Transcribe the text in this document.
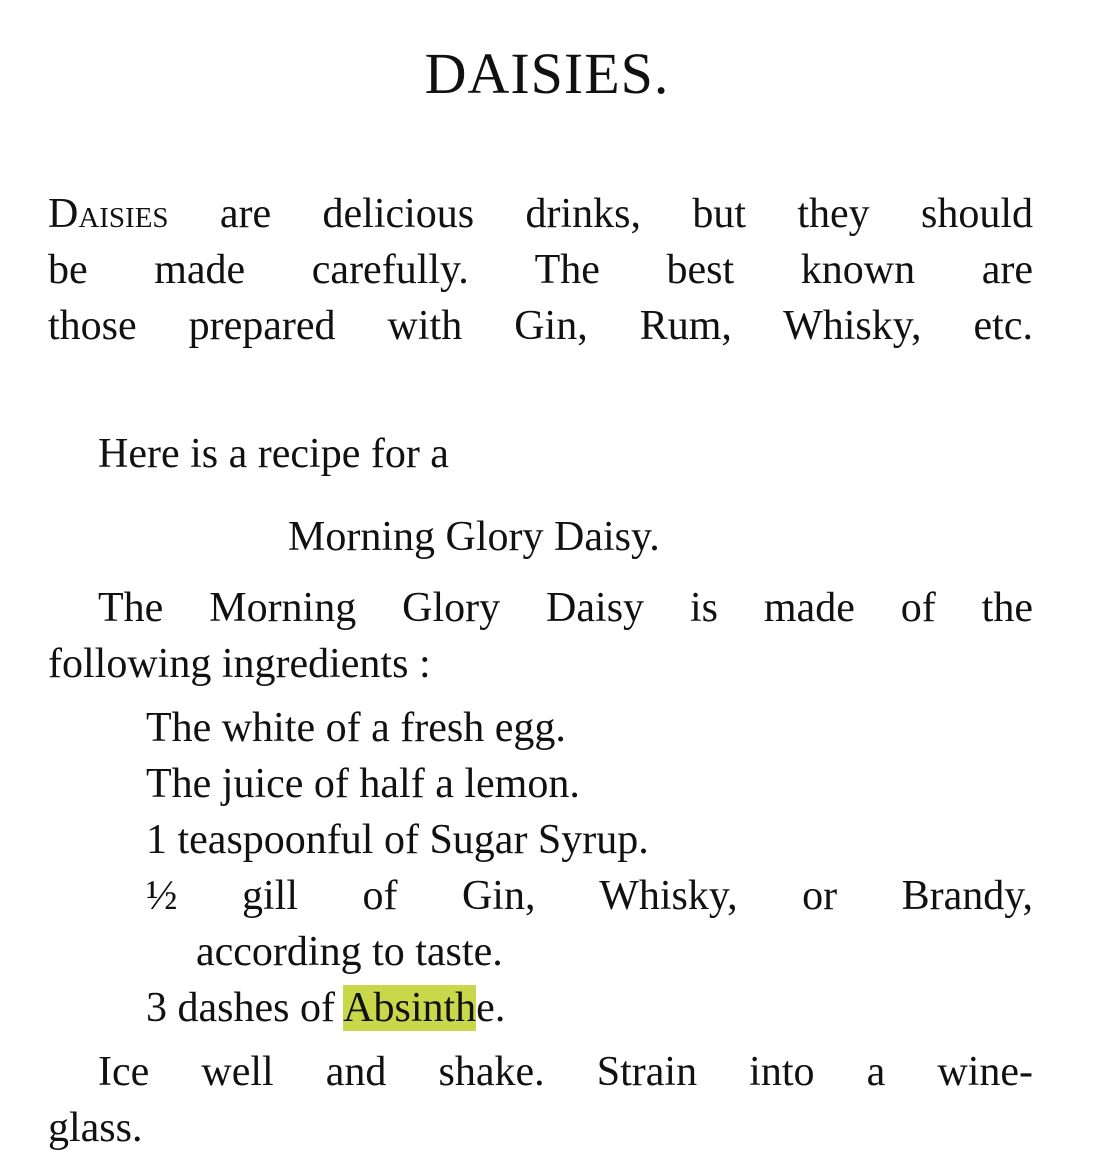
DAISIES.
Daisies are delicious drinks, but they should
be made carefully. The best known are
those prepared with Gin, Rum, Whisky, etc.
Here is a recipe for a
Morning Glory Daisy.
The Morning Glory Daisy is made of the
following ingredients :
The white of a fresh egg.
The juice of half a lemon.
1 teaspoonful of Sugar Syrup.
½ gill of Gin, Whisky, or Brandy,
according to taste.
3 dashes of Absinthe.
Ice well and shake. Strain into a wine-
glass.
